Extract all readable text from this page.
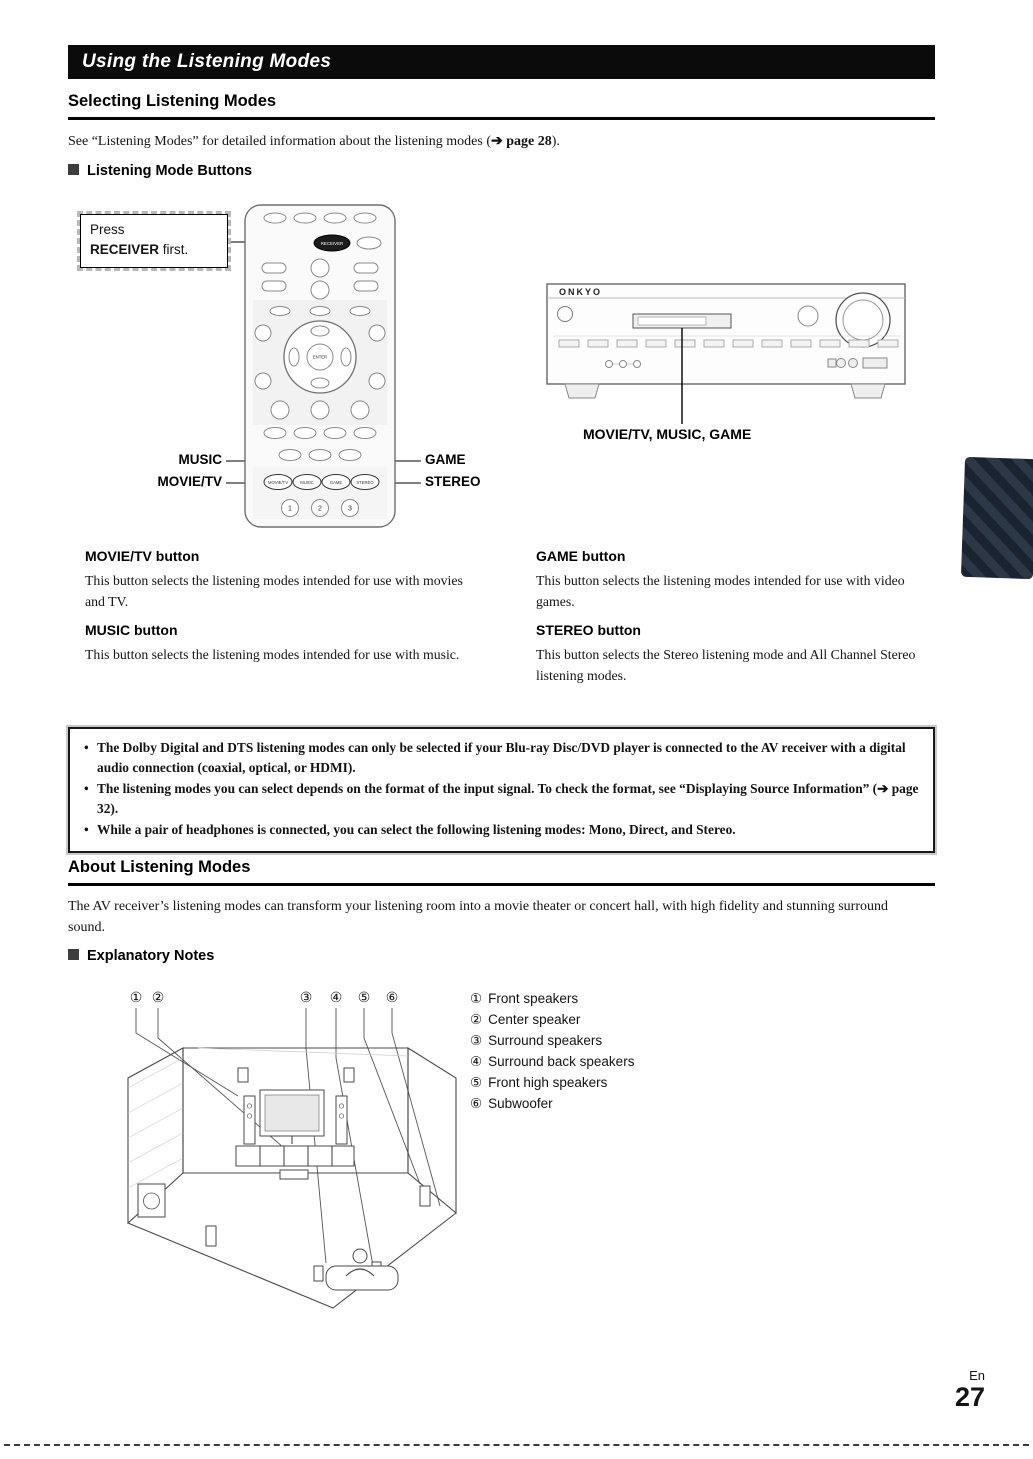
Using the Listening Modes
Selecting Listening Modes
See “Listening Modes” for detailed information about the listening modes (➔ page 28).
Listening Mode Buttons
RECEIVER
ENTER
MOVIE/TV	MUSIC	GAME	STEREO
1	2	3
Press
RECEIVER first.
MUSIC
MOVIE/TV
GAME
STEREO
ONKYO
MOVIE/TV, MUSIC, GAME
MOVIE/TV button
This button selects the listening modes intended for use with movies and TV.
GAME button
This button selects the listening modes intended for use with video games.
MUSIC button
This button selects the listening modes intended for use with music.
STEREO button
This button selects the Stereo listening mode and All Channel Stereo listening modes.
• The Dolby Digital and DTS listening modes can only be selected if your Blu-ray Disc/DVD player is connected to the AV receiver with a digital audio connection (coaxial, optical, or HDMI).
• The listening modes you can select depends on the format of the input signal. To check the format, see “Displaying Source Information” (➔ page 32).
• While a pair of headphones is connected, you can select the following listening modes: Mono, Direct, and Stereo.
About Listening Modes
The AV receiver’s listening modes can transform your listening room into a movie theater or concert hall, with high fidelity and stunning surround sound.
Explanatory Notes
① ②	③ ④ ⑤ ⑥	① Front speakers
② Center speaker
③ Surround speakers
④ Surround back speakers
⑤ Front high speakers
⑥ Subwoofer
En
27
